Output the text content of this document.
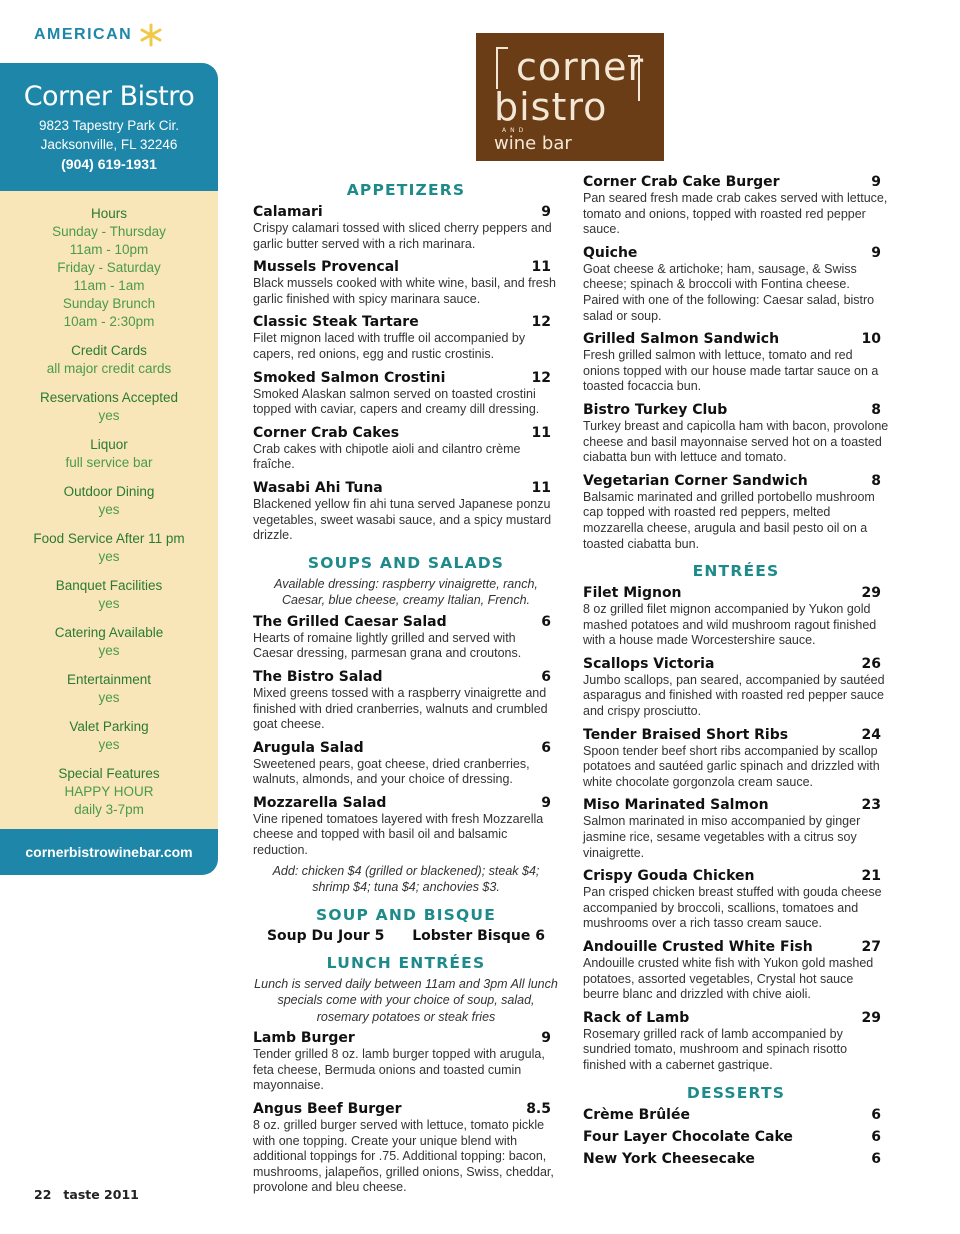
AMERICAN
Corner Bistro
9823 Tapestry Park Cir.
Jacksonville, FL 32246
(904) 619-1931
Hours
Sunday - Thursday
11am - 10pm
Friday - Saturday
11am - 1am
Sunday Brunch
10am - 2:30pm
Credit Cards
all major credit cards
Reservations Accepted
yes
Liquor
full service bar
Outdoor Dining
yes
Food Service After 11 pm
yes
Banquet Facilities
yes
Catering Available
yes
Entertainment
yes
Valet Parking
yes
Special Features
HAPPY HOUR
daily 3-7pm
cornerbistrowinebar.com
corner
bistro
AND
wine bar
APPETIZERS
Calamari	9
Crispy calamari tossed with sliced cherry peppers and garlic butter served with a rich marinara.
Mussels Provencal	11
Black mussels cooked with white wine, basil, and fresh garlic finished with spicy marinara sauce.
Classic Steak Tartare	12
Filet mignon laced with truffle oil accompanied by capers, red onions, egg and rustic crostinis.
Smoked Salmon Crostini	12
Smoked Alaskan salmon served on toasted crostini topped with caviar, capers and creamy dill dressing.
Corner Crab Cakes	11
Crab cakes with chipotle aioli and cilantro crème fraîche.
Wasabi Ahi Tuna	11
Blackened yellow fin ahi tuna served Japanese ponzu vegetables, sweet wasabi sauce, and a spicy mustard drizzle.
SOUPS AND SALADS
Available dressing: raspberry vinaigrette, ranch, Caesar, blue cheese, creamy Italian, French.
The Grilled Caesar Salad	6
Hearts of romaine lightly grilled and served with Caesar dressing, parmesan grana and croutons.
The Bistro Salad	6
Mixed greens tossed with a raspberry vinaigrette and finished with dried cranberries, walnuts and crumbled goat cheese.
Arugula Salad	6
Sweetened pears, goat cheese, dried cranberries, walnuts, almonds, and your choice of dressing.
Mozzarella Salad	9
Vine ripened tomatoes layered with fresh Mozzarella cheese and topped with basil oil and balsamic reduction.
Add: chicken $4 (grilled or blackened); steak $4; shrimp $4; tuna $4; anchovies $3.
SOUP AND BISQUE
Soup Du Jour 5 Lobster Bisque 6
LUNCH ENTRÉES
Lunch is served daily between 11am and 3pm All lunch specials come with your choice of soup, salad, rosemary potatoes or steak fries
Lamb Burger	9
Tender grilled 8 oz. lamb burger topped with arugula, feta cheese, Bermuda onions and toasted cumin mayonnaise.
Angus Beef Burger	8.5
8 oz. grilled burger served with lettuce, tomato pickle with one topping. Create your unique blend with additional toppings for .75. Additional topping: bacon, mushrooms, jalapeños, grilled onions, Swiss, cheddar, provolone and bleu cheese.
Corner Crab Cake Burger	9
Pan seared fresh made crab cakes served with lettuce, tomato and onions, topped with roasted red pepper sauce.
Quiche	9
Goat cheese & artichoke; ham, sausage, & Swiss cheese; spinach & broccoli with Fontina cheese. Paired with one of the following: Caesar salad, bistro salad or soup.
Grilled Salmon Sandwich	10
Fresh grilled salmon with lettuce, tomato and red onions topped with our house made tartar sauce on a toasted focaccia bun.
Bistro Turkey Club	8
Turkey breast and capicolla ham with bacon, provolone cheese and basil mayonnaise served hot on a toasted ciabatta bun with lettuce and tomato.
Vegetarian Corner Sandwich	8
Balsamic marinated and grilled portobello mushroom cap topped with roasted red peppers, melted mozzarella cheese, arugula and basil pesto oil on a toasted ciabatta bun.
ENTRÉES
Filet Mignon	29
8 oz grilled filet mignon accompanied by Yukon gold mashed potatoes and wild mushroom ragout finished with a house made Worcestershire sauce.
Scallops Victoria	26
Jumbo scallops, pan seared, accompanied by sautéed asparagus and finished with roasted red pepper sauce and crispy prosciutto.
Tender Braised Short Ribs	24
Spoon tender beef short ribs accompanied by scallop potatoes and sautéed garlic spinach and drizzled with white chocolate gorgonzola cream sauce.
Miso Marinated Salmon	23
Salmon marinated in miso accompanied by ginger jasmine rice, sesame vegetables with a citrus soy vinaigrette.
Crispy Gouda Chicken	21
Pan crisped chicken breast stuffed with gouda cheese accompanied by broccoli, scallions, tomatoes and mushrooms over a rich tasso cream sauce.
Andouille Crusted White Fish	27
Andouille crusted white fish with Yukon gold mashed potatoes, assorted vegetables, Crystal hot sauce beurre blanc and drizzled with chive aioli.
Rack of Lamb	29
Rosemary grilled rack of lamb accompanied by sundried tomato, mushroom and spinach risotto finished with a cabernet gastrique.
DESSERTS
Crème Brûlée	6
Four Layer Chocolate Cake	6
New York Cheesecake	6
22 taste 2011
